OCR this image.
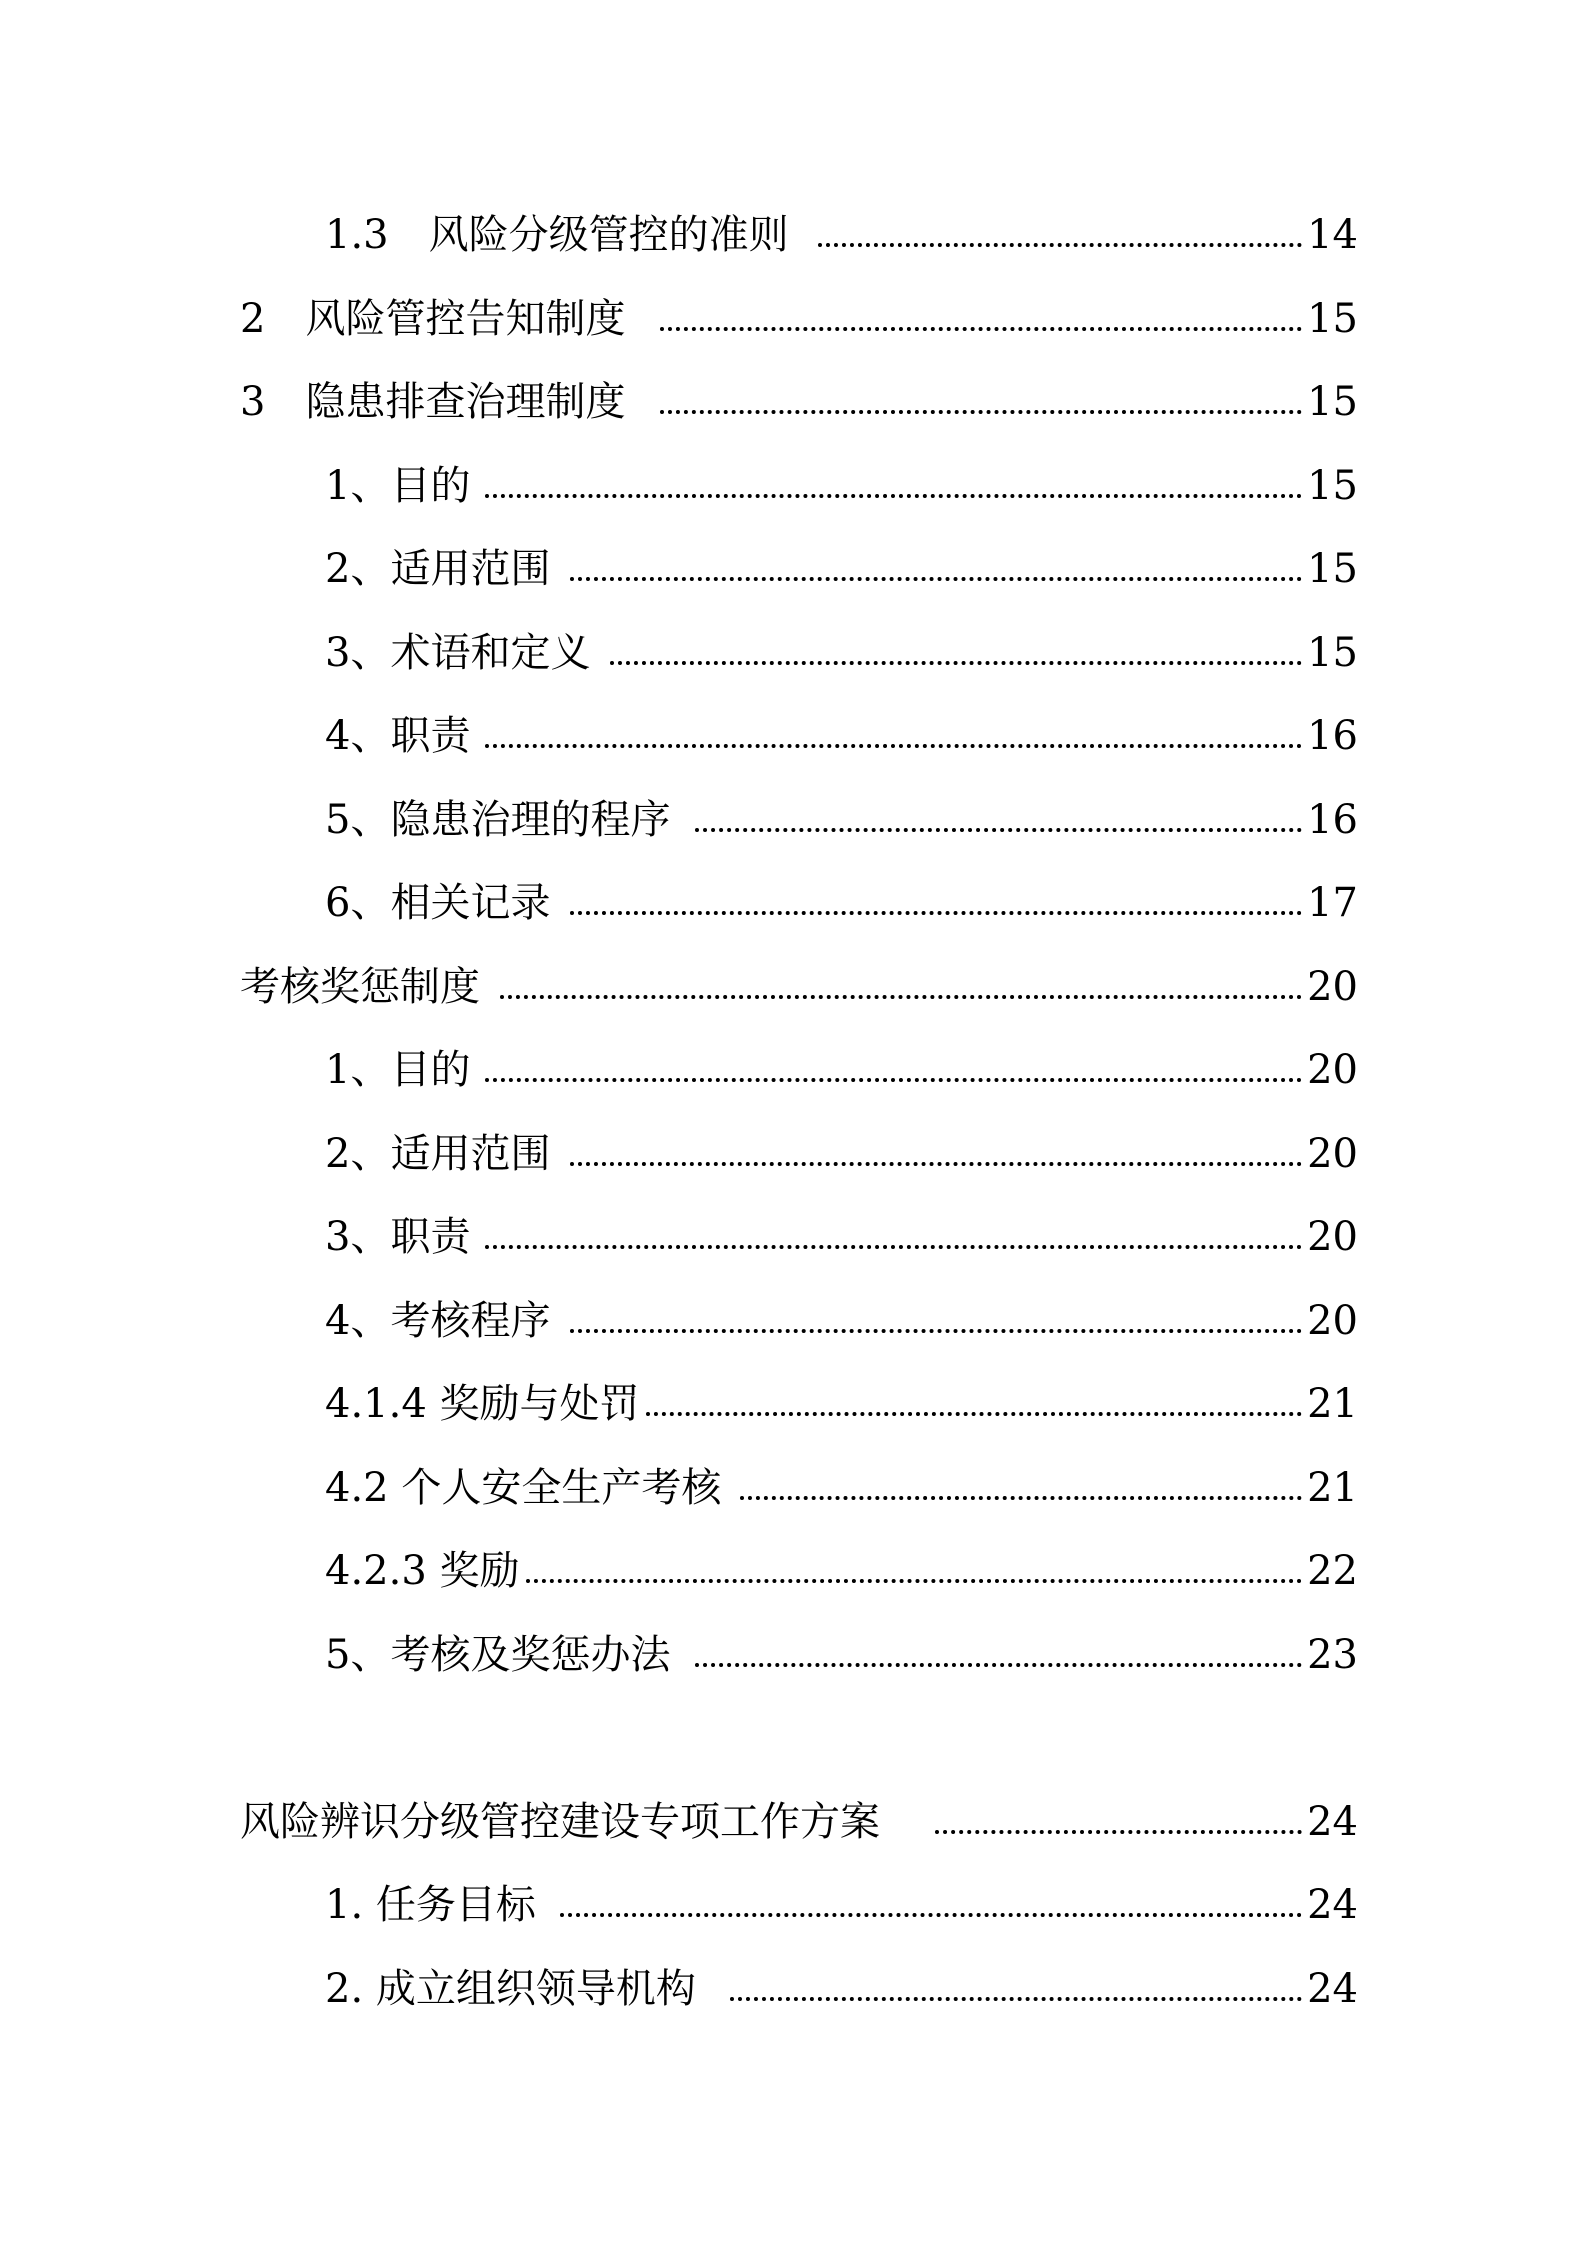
1.3　风险分级管控的准则	14
2　风险管控告知制度	15
3　隐患排查治理制度	15
1、目的	15
2、适用范围	15
3、术语和定义	15
4、职责	16
5、隐患治理的程序	16
6、相关记录	17
考核奖惩制度	20
1、目的	20
2、适用范围	20
3、职责	20
4、考核程序	20
4.1.4 奖励与处罚	21
4.2 个人安全生产考核	21
4.2.3 奖励	22
5、考核及奖惩办法	23
风险辨识分级管控建设专项工作方案	24
1. 任务目标	24
2. 成立组织领导机构	24
